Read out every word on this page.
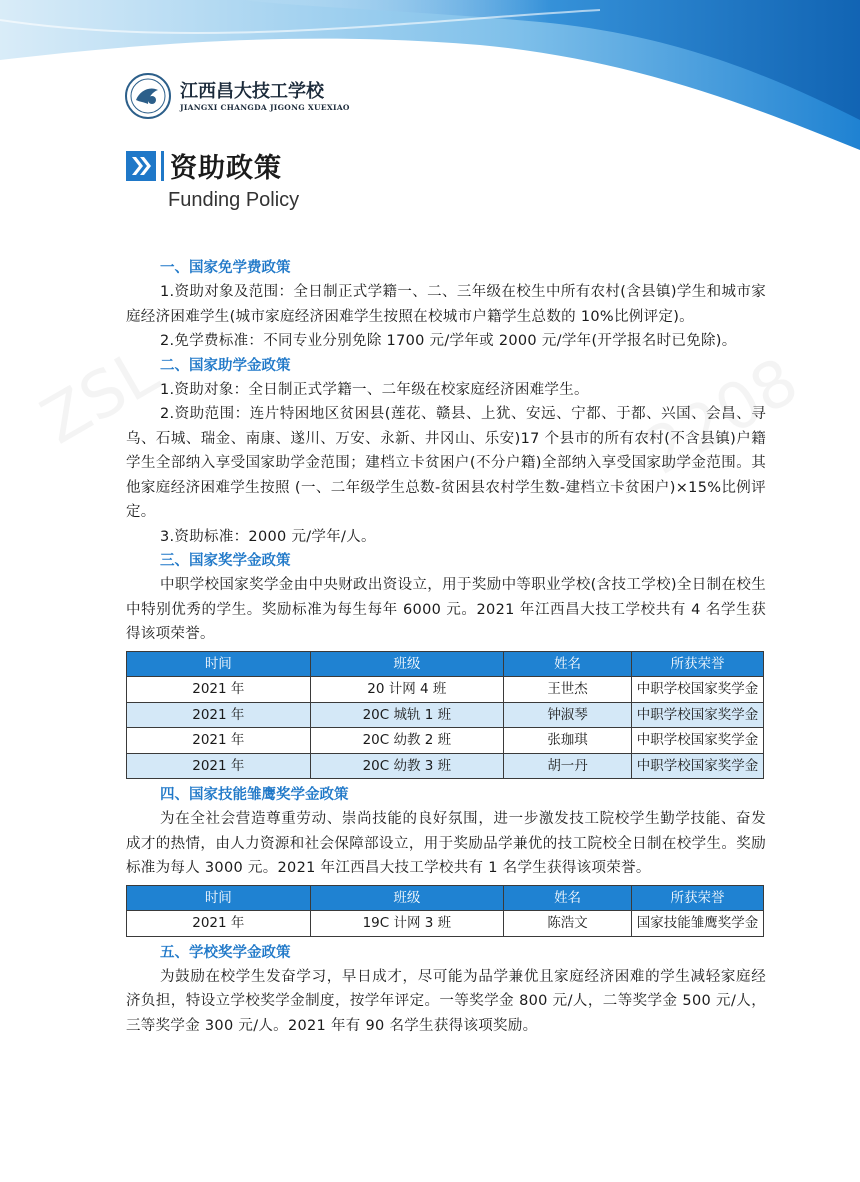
江西昌大技工学校
JIANGXI CHANGDA JIGONG XUEXIAO
资助政策
Funding Policy
一、国家免学费政策

1.资助对象及范围：全日制正式学籍一、二、三年级在校生中所有农村(含县镇)学生和城市家庭经济困难学生(城市家庭经济困难学生按照在校城市户籍学生总数的 10%比例评定)。

2.免学费标准：不同专业分别免除 1700 元/学年或 2000 元/学年(开学报名时已免除)。

二、国家助学金政策

1.资助对象：全日制正式学籍一、二年级在校家庭经济困难学生。

2.资助范围：连片特困地区贫困县(莲花、赣县、上犹、安远、宁都、于都、兴国、会昌、寻乌、石城、瑞金、南康、遂川、万安、永新、井冈山、乐安)17 个县市的所有农村(不含县镇)户籍学生全部纳入享受国家助学金范围；建档立卡贫困户(不分户籍)全部纳入享受国家助学金范围。其他家庭经济困难学生按照 (一、二年级学生总数-贫困县农村学生数-建档立卡贫困户)×15%比例评定。

3.资助标准：2000 元/学年/人。

三、国家奖学金政策

中职学校国家奖学金由中央财政出资设立，用于奖励中等职业学校(含技工学校)全日制在校生中特别优秀的学生。奖励标准为每生每年 6000 元。2021 年江西昌大技工学校共有 4 名学生获得该项荣誉。

时间	班级	姓名	所获荣誉
2021 年	20 计网 4 班	王世杰	中职学校国家奖学金
2021 年	20C 城轨 1 班	钟淑琴	中职学校国家奖学金
2021 年	20C 幼教 2 班	张珈琪	中职学校国家奖学金
2021 年	20C 幼教 3 班	胡一丹	中职学校国家奖学金
四、国家技能雏鹰奖学金政策

为在全社会营造尊重劳动、崇尚技能的良好氛围，进一步激发技工院校学生勤学技能、奋发成才的热情，由人力资源和社会保障部设立，用于奖励品学兼优的技工院校全日制在校学生。奖励标准为每人 3000 元。2021 年江西昌大技工学校共有 1 名学生获得该项荣誉。

时间	班级	姓名	所获荣誉
2021 年	19C 计网 3 班	陈浩文	国家技能雏鹰奖学金
五、学校奖学金政策

为鼓励在校学生发奋学习，早日成才，尽可能为品学兼优且家庭经济困难的学生减轻家庭经济负担，特设立学校奖学金制度，按学年评定。一等奖学金 800 元/人，二等奖学金 500 元/人，三等奖学金 300 元/人。2021 年有 90 名学生获得该项奖励。
